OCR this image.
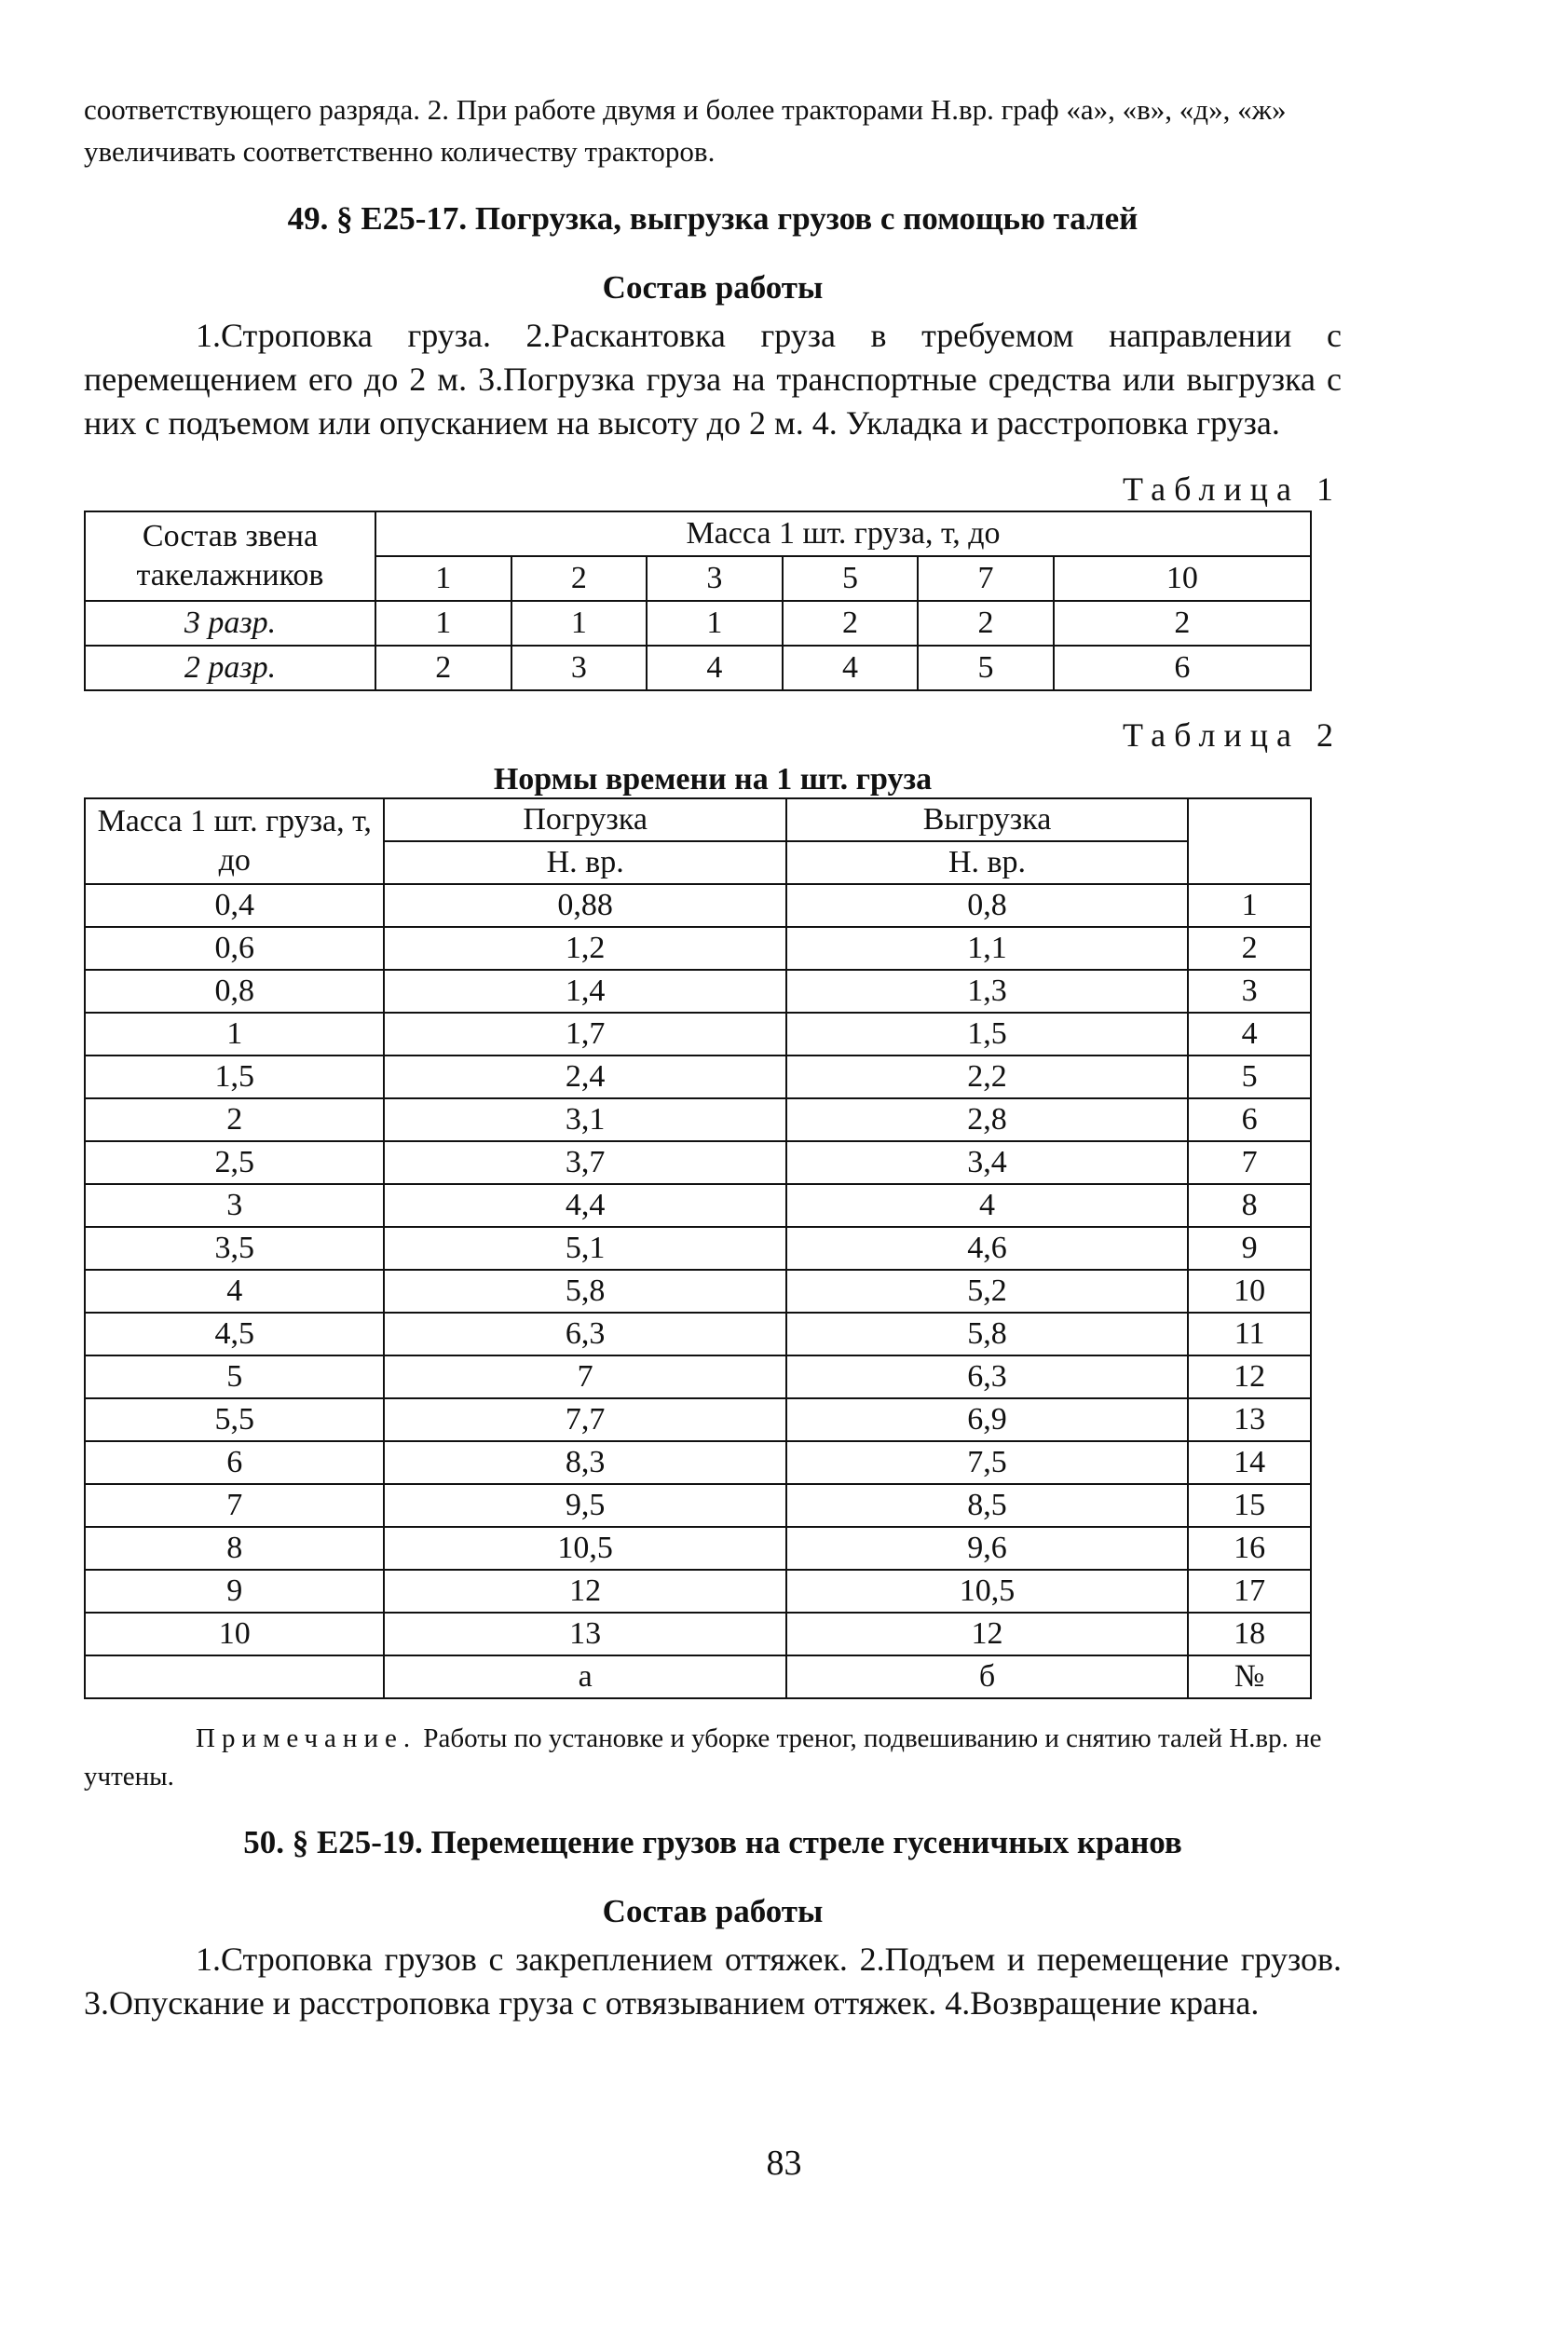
соответствующего разряда. 2. При работе двумя и более тракторами Н.вр. граф «а», «в», «д», «ж» увеличивать соответственно количеству тракторов.

49. § Е25-17. Погрузка, выгрузка грузов с помощью талей

Состав работы

1.Строповка груза. 2.Раскантовка груза в требуемом направлении с перемещением его до 2 м. 3.Погрузка груза на транспортные средства или выгрузка с них с подъемом или опусканием на высоту до 2 м. 4. Укладка и расстроповка груза.

Таблица 1

Состав звена такелажников	Масса 1 шт. груза, т, до					
	1	2	3	5	7	10
3 разр.	1	1	1	2	2	2
2 разр.	2	3	4	4	5	6

Таблица 2

Нормы времени на 1 шт. груза

Масса 1 шт. груза, т, до	Погрузка	Выгрузка	
	Н. вр.	Н. вр.	
0,4	0,88	0,8	1
0,6	1,2	1,1	2
0,8	1,4	1,3	3
1	1,7	1,5	4
1,5	2,4	2,2	5
2	3,1	2,8	6
2,5	3,7	3,4	7
3	4,4	4	8
3,5	5,1	4,6	9
4	5,8	5,2	10
4,5	6,3	5,8	11
5	7	6,3	12
5,5	7,7	6,9	13
6	8,3	7,5	14
7	9,5	8,5	15
8	10,5	9,6	16
9	12	10,5	17
10	13	12	18
	а	б	№

Примечание. Работы по установке и уборке треног, подвешиванию и снятию талей Н.вр. не учтены.

50. § Е25-19. Перемещение грузов на стреле гусеничных кранов

Состав работы

1.Строповка грузов с закреплением оттяжек. 2.Подъем и перемещение грузов. 3.Опускание и расстроповка груза с отвязыванием оттяжек. 4.Возвращение крана.

83
